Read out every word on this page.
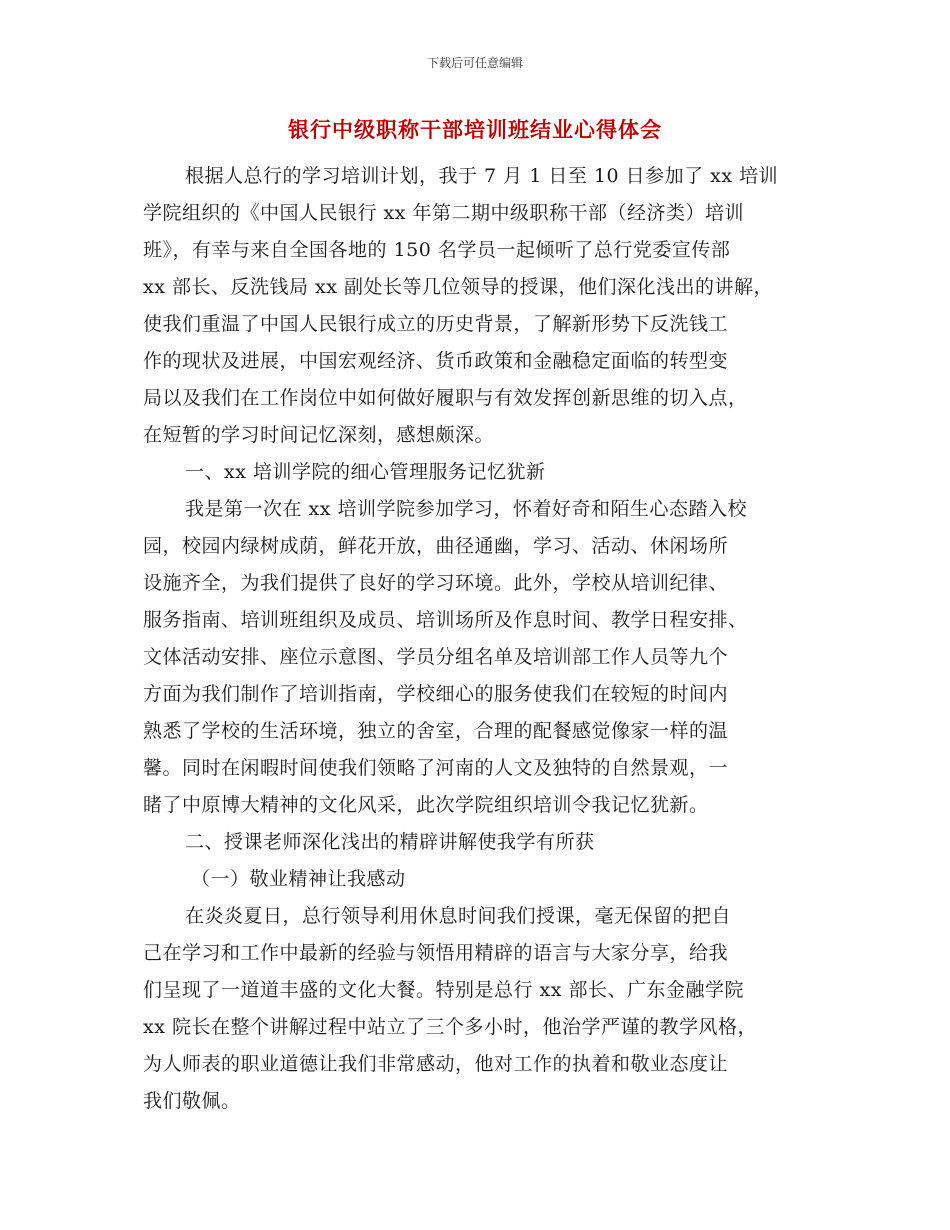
下载后可任意编辑
银行中级职称干部培训班结业心得体会
根据人总行的学习培训计划，我于 7 月 1 日至 10 日参加了 xx 培训
学院组织的《中国人民银行 xx 年第二期中级职称干部（经济类）培训
班》，有幸与来自全国各地的 150 名学员一起倾听了总行党委宣传部
xx 部长、反洗钱局 xx 副处长等几位领导的授课，他们深化浅出的讲解，
使我们重温了中国人民银行成立的历史背景，了解新形势下反洗钱工
作的现状及进展，中国宏观经济、货币政策和金融稳定面临的转型变
局以及我们在工作岗位中如何做好履职与有效发挥创新思维的切入点，
在短暂的学习时间记忆深刻，感想颇深。
一、xx 培训学院的细心管理服务记忆犹新
我是第一次在 xx 培训学院参加学习，怀着好奇和陌生心态踏入校
园，校园内绿树成荫，鲜花开放，曲径通幽，学习、活动、休闲场所
设施齐全，为我们提供了良好的学习环境。此外，学校从培训纪律、
服务指南、培训班组织及成员、培训场所及作息时间、教学日程安排、
文体活动安排、座位示意图、学员分组名单及培训部工作人员等九个
方面为我们制作了培训指南，学校细心的服务使我们在较短的时间内
熟悉了学校的生活环境，独立的舍室，合理的配餐感觉像家一样的温
馨。同时在闲暇时间使我们领略了河南的人文及独特的自然景观，一
睹了中原博大精神的文化风采，此次学院组织培训令我记忆犹新。
二、授课老师深化浅出的精辟讲解使我学有所获
（一）敬业精神让我感动
在炎炎夏日，总行领导利用休息时间我们授课，毫无保留的把自
己在学习和工作中最新的经验与领悟用精辟的语言与大家分享，给我
们呈现了一道道丰盛的文化大餐。特别是总行 xx 部长、广东金融学院
xx 院长在整个讲解过程中站立了三个多小时，他治学严谨的教学风格，
为人师表的职业道德让我们非常感动，他对工作的执着和敬业态度让
我们敬佩。
